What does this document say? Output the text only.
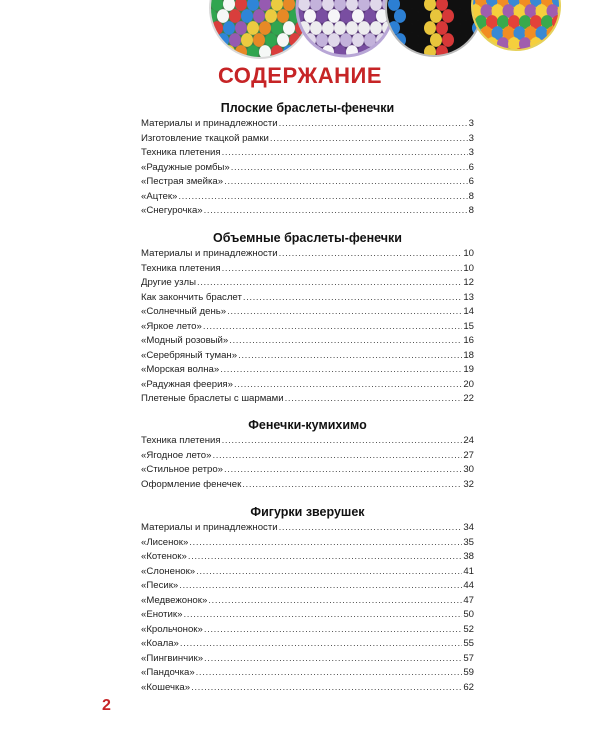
СОДЕРЖАНИЕ
Плоские браслеты-фенечки
Материалы и принадлежности .....	3
Изготовление ткацкой рамки .....	3
Техника плетения .....	3
«Радужные ромбы» .....	6
«Пестрая змейка» .....	6
«Ацтек» .....	8
«Снегурочка» .....	8
Объемные браслеты-фенечки
Материалы и принадлежности .....	10
Техника плетения .....	10
Другие узлы .....	12
Как закончить браслет .....	13
«Солнечный день» .....	14
«Яркое лето» .....	15
«Модный розовый» .....	16
«Серебряный туман» .....	18
«Морская волна» .....	19
«Радужная феерия» .....	20
Плетеные браслеты с шармами .....	22
Фенечки-кумихимо
Техника плетения .....	24
«Ягодное лето» .....	27
«Стильное ретро» .....	30
Оформление фенечек .....	32
Фигурки зверушек
Материалы и принадлежности .....	34
«Лисенок» .....	35
«Котенок» .....	38
«Слоненок» .....	41
«Песик» .....	44
«Медвежонок» .....	47
«Енотик» .....	50
«Крольчонок» .....	52
«Коала» .....	55
«Пингвинчик» .....	57
«Пандочка» .....	59
«Кошечка» .....	62
2
